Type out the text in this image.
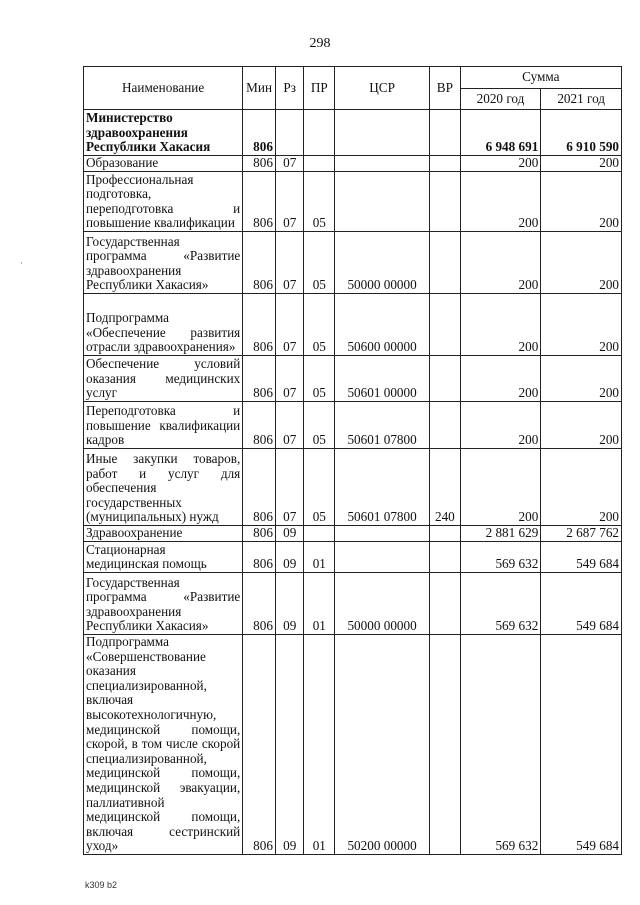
298
·
Наименование	Мин	Рз	ПР	ЦСР	ВР	Сумма	
						2020 год	2021 год
Министерство здравоохранения Республики Хакасия	806					6 948 691	6 910 590
Образование	806	07				200	200
Профессиональная подготовка, переподготовка и повышение квалификации	806	07	05			200	200
Государственная программа «Развитие здравоохранения Республики Хакасия»	806	07	05	50000 00000		200	200
Подпрограмма «Обеспечение развития отрасли здравоохранения»	806	07	05	50600 00000		200	200
Обеспечение условий оказания медицинских услуг	806	07	05	50601 00000		200	200
Переподготовка и повышение квалификации кадров	806	07	05	50601 07800		200	200
Иные закупки товаров, работ и услуг для обеспечения государственных (муниципальных) нужд	806	07	05	50601 07800	240	200	200
Здравоохранение	806	09				2 881 629	2 687 762
Стационарная медицинская помощь	806	09	01			569 632	549 684
Государственная программа «Развитие здравоохранения Республики Хакасия»	806	09	01	50000 00000		569 632	549 684
Подпрограмма «Совершенствование оказания специализированной, включая высокотехнологичную, медицинской помощи, скорой, в том числе скорой специализированной, медицинской помощи, медицинской эвакуации, паллиативной медицинской помощи, включая сестринский уход»	806	09	01	50200 00000		569 632	549 684
k309 b2
